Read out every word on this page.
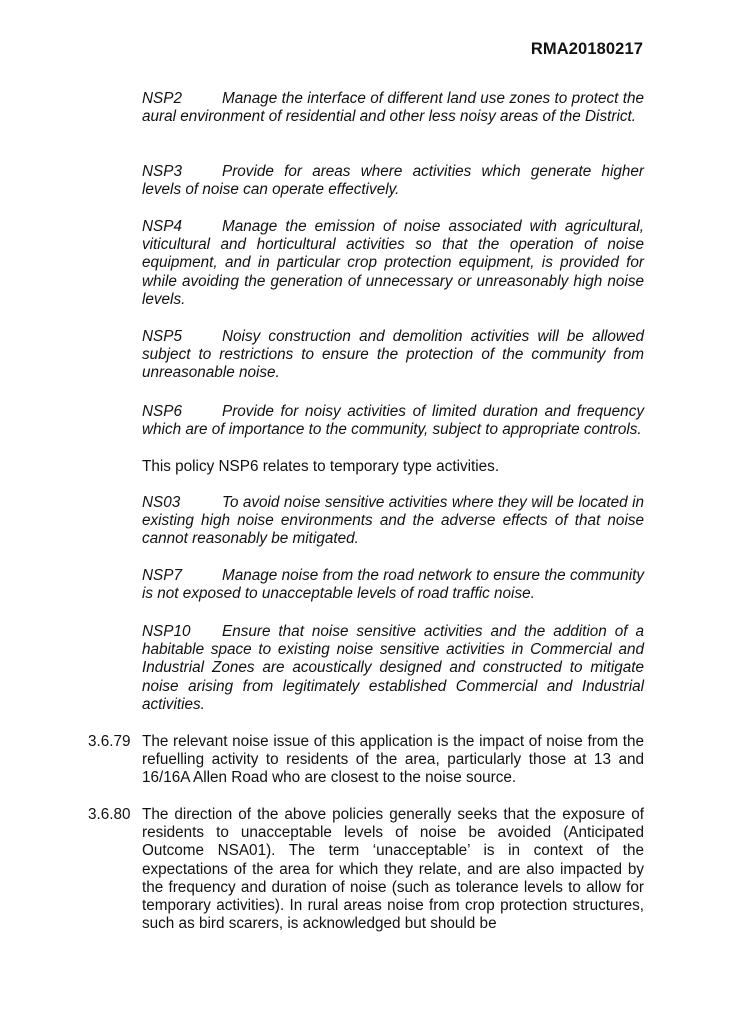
RMA20180217

NSP2	Manage the interface of different land use zones to protect the aural environment of residential and other less noisy areas of the District.

NSP3	Provide for areas where activities which generate higher levels of noise can operate effectively.

NSP4	Manage the emission of noise associated with agricultural, viticultural and horticultural activities so that the operation of noise equipment, and in particular crop protection equipment, is provided for while avoiding the generation of unnecessary or unreasonably high noise levels.

NSP5	Noisy construction and demolition activities will be allowed subject to restrictions to ensure the protection of the community from unreasonable noise.

NSP6	Provide for noisy activities of limited duration and frequency which are of importance to the community, subject to appropriate controls.

This policy NSP6 relates to temporary type activities.

NS03	To avoid noise sensitive activities where they will be located in existing high noise environments and the adverse effects of that noise cannot reasonably be mitigated.

NSP7	Manage noise from the road network to ensure the community is not exposed to unacceptable levels of road traffic noise.

NSP10 Ensure that noise sensitive activities and the addition of a habitable space to existing noise sensitive activities in Commercial and Industrial Zones are acoustically designed and constructed to mitigate noise arising from legitimately established Commercial and Industrial activities.

3.6.79 The relevant noise issue of this application is the impact of noise from the refuelling activity to residents of the area, particularly those at 13 and 16/16A Allen Road who are closest to the noise source.
3.6.80 The direction of the above policies generally seeks that the exposure of residents to unacceptable levels of noise be avoided (Anticipated Outcome NSA01). The term ‘unacceptable’ is in context of the expectations of the area for which they relate, and are also impacted by the frequency and duration of noise (such as tolerance levels to allow for temporary activities). In rural areas noise from crop protection structures, such as bird scarers, is acknowledged but should be
